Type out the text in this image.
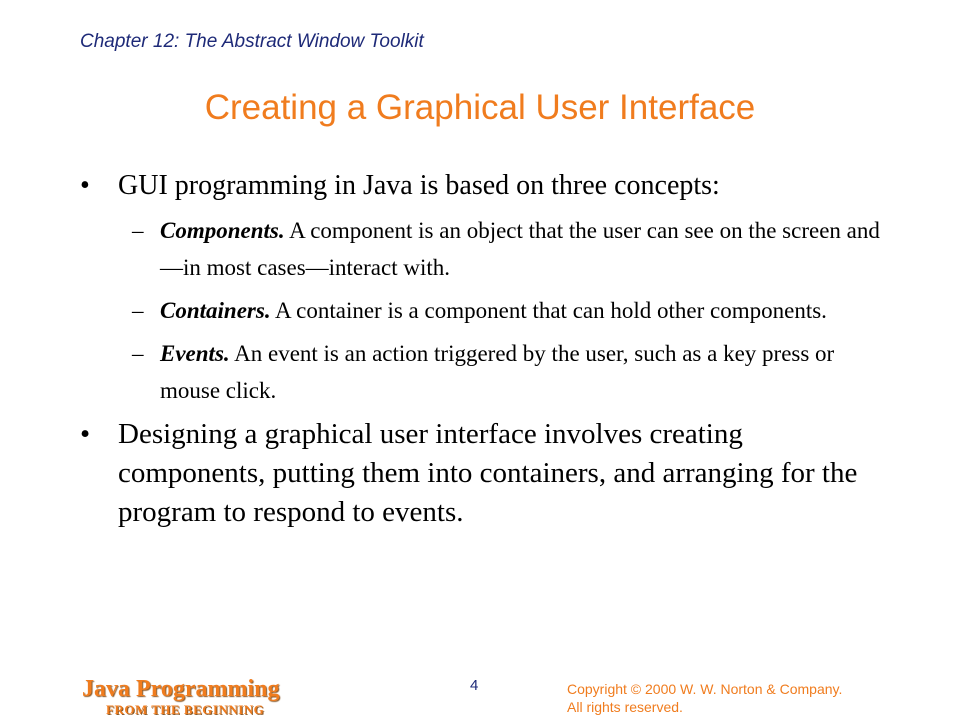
Chapter 12: The Abstract Window Toolkit
Creating a Graphical User Interface
• GUI programming in Java is based on three concepts:
– Components. A component is an object that the user can see on the screen and—in most cases—interact with.
– Containers. A container is a component that can hold other components.
– Events. An event is an action triggered by the user, such as a key press or mouse click.
• Designing a graphical user interface involves creating components, putting them into containers, and arranging for the program to respond to events.
Java Programming
FROM THE BEGINNING
4	Copyright © 2000 W. W. Norton & Company.
All rights reserved.
